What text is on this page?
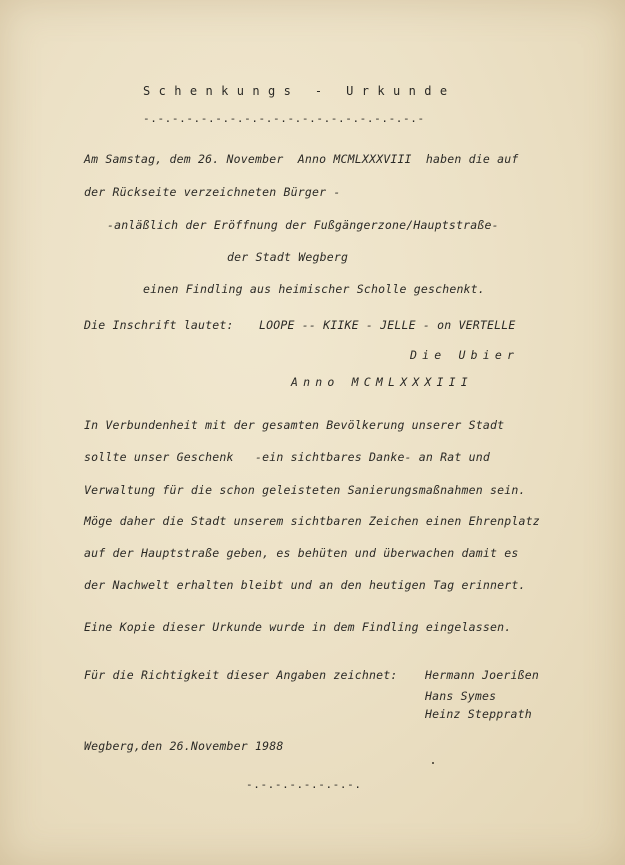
Schenkungs - Urkunde
-.-.-.-.-.-.-.-.-.-.-.-.-.-.-.-.-.-.-.-
Am Samstag, dem 26. November  Anno MCMLXXXVIII  haben die auf
der Rückseite verzeichneten Bürger -
-anläßlich der Eröffnung der Fußgängerzone/Hauptstraße-
der Stadt Wegberg
einen Findling aus heimischer Scholle geschenkt.
Die Inschrift lautet: LOOPE -- KIIKE - JELLE - on VERTELLE
Die Ubier
Anno MCMLXXXIII
In Verbundenheit mit der gesamten Bevölkerung unserer Stadt
sollte unser Geschenk   -ein sichtbares Danke- an Rat und
Verwaltung für die schon geleisteten Sanierungsmaßnahmen sein.
Möge daher die Stadt unserem sichtbaren Zeichen einen Ehrenplatz
auf der Hauptstraße geben, es behüten und überwachen damit es
der Nachwelt erhalten bleibt und an den heutigen Tag erinnert.
Eine Kopie dieser Urkunde wurde in dem Findling eingelassen.
Für die Richtigkeit dieser Angaben zeichnet: Hermann Joerißen
Hans Symes
Heinz Stepprath
Wegberg,den 26.November 1988
-.-.-.-.-.-.-.-.
